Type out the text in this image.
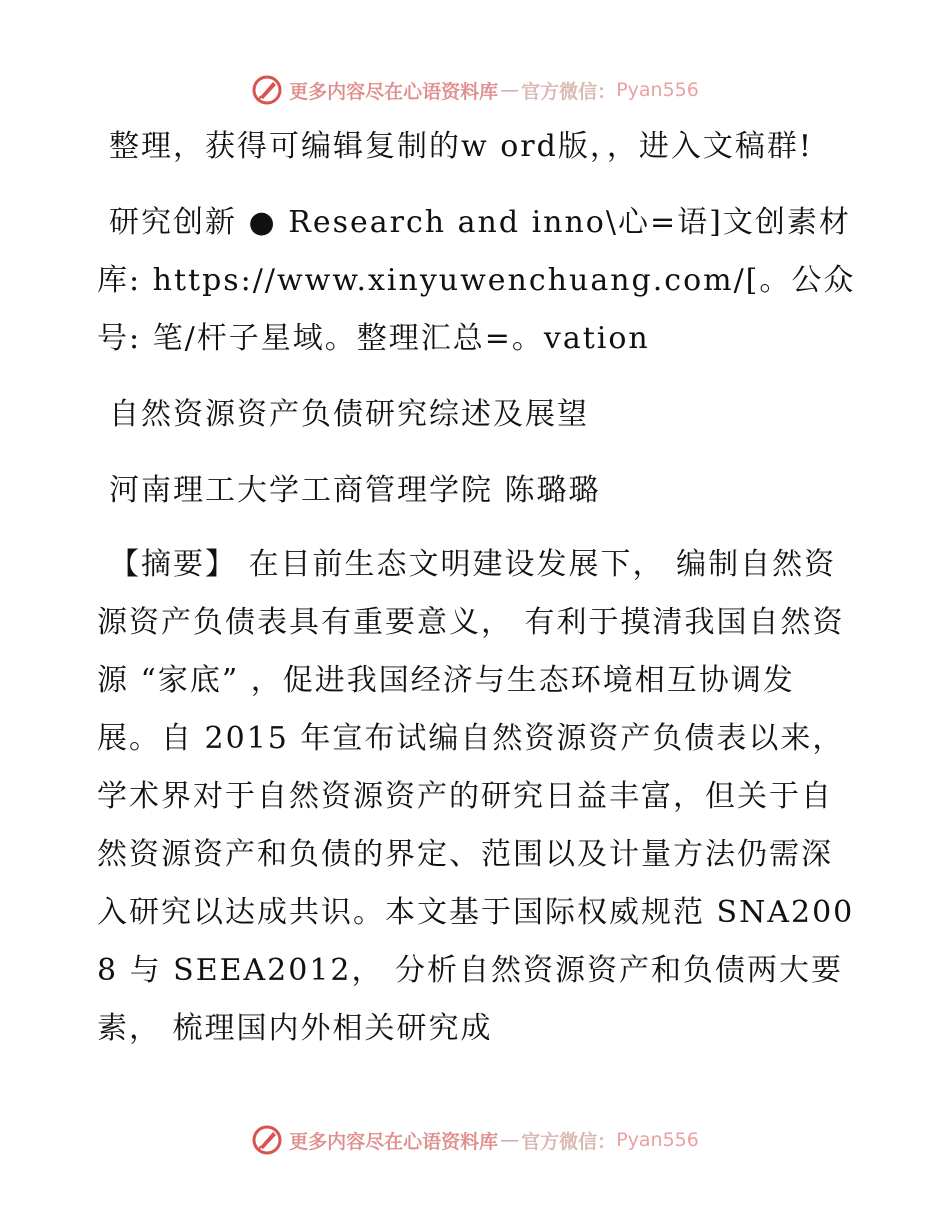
更多内容尽在心语资料库 — 官方微信： Pyan556

整理，获得可编辑复制的w ord版，，进入文稿群!

研究创新 ● Research and inno\心=语]文创素材库: https://www.xinyuwenchuang.com/[。公众号: 笔/杆子星域。整理汇总=。vation

自然资源资产负债研究综述及展望

河南理工大学工商管理学院 陈璐璐

【摘要】 在目前生态文明建设发展下， 编制自然资源资产负债表具有重要意义， 有利于摸清我国自然资源 “家底” ，促进我国经济与生态环境相互协调发展。自 2015 年宣布试编自然资源资产负债表以来，学术界对于自然资源资产的研究日益丰富，但关于自然资源资产和负债的界定、范围以及计量方法仍需深入研究以达成共识。本文基于国际权威规范 SNA2008 与 SEEA2012， 分析自然资源资产和负债两大要素， 梳理国内外相关研究成

更多内容尽在心语资料库 — 官方微信： Pyan556
